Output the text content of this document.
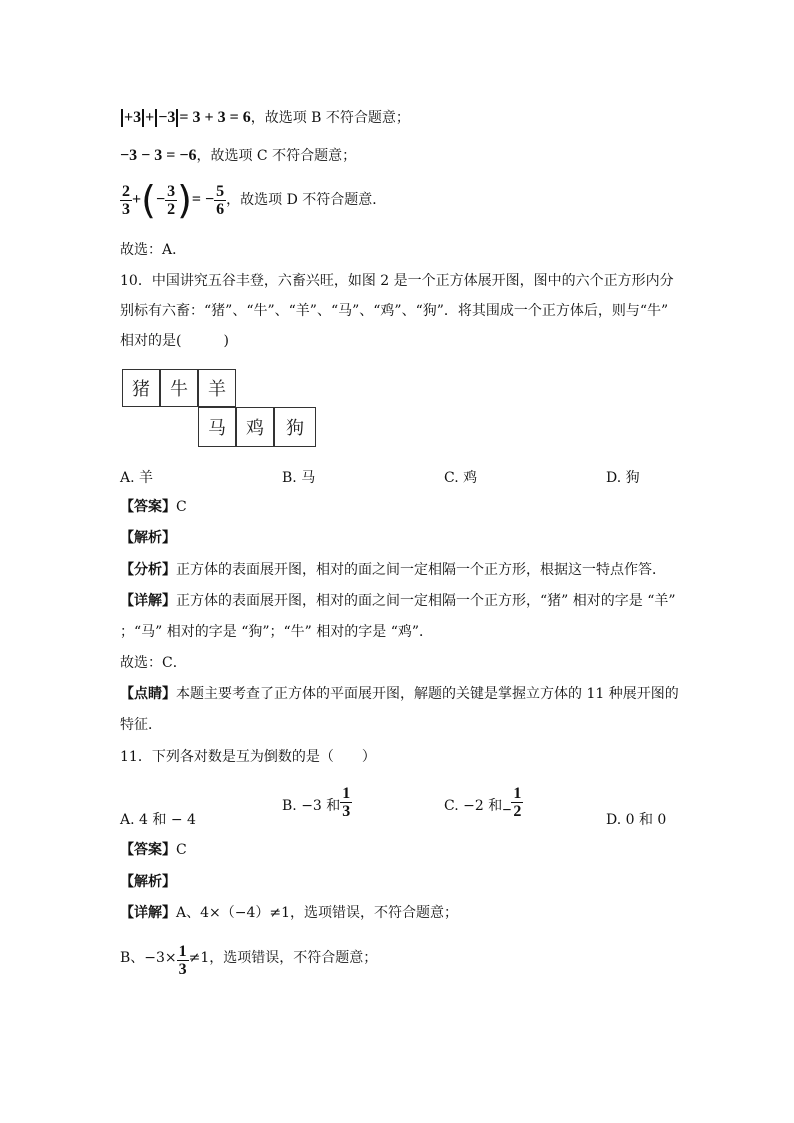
+3 + −3 = 3 + 3 = 6，故选项 B 不符合题意；
−3 − 3 = −6，故选项 C 不符合题意；
$\frac{2}{3}$ +(− $\frac{3}{2}$ )= − $\frac{5}{6}$ ，故选项 D 不符合题意．
故选：A．
10．中国讲究五谷丰登，六畜兴旺，如图 2 是一个正方体展开图，图中的六个正方形内分
别标有六畜：“猪”、“牛”、“羊”、“马”、“鸡”、“狗”．将其围成一个正方体后，则与“牛”
相对的是(　　　)
猪	牛	羊
马	鸡	狗
A. 羊	B. 马	C. 鸡	D. 狗
【答案】C
【解析】
【分析】正方体的表面展开图，相对的面之间一定相隔一个正方形，根据这一特点作答．
【详解】正方体的表面展开图，相对的面之间一定相隔一个正方形，“猪” 相对的字是 “羊”
；“马” 相对的字是 “狗”；“牛” 相对的字是 “鸡”．
故选：C．
【点睛】本题主要考查了正方体的平面展开图，解题的关键是掌握立方体的 11 种展开图的
特征．
11．下列各对数是互为倒数的是（　　）
A. 4 和 − 4
B. −3 和 $\frac{1}{3}$	C. −2 和− $\frac{1}{2}$	D. 0 和 0
【答案】C
【解析】
【详解】A、4×（−4）≠1，选项错误，不符合题意；
B、$-3\times \frac{1}{3} \ne 1$，选项错误，不符合题意；
